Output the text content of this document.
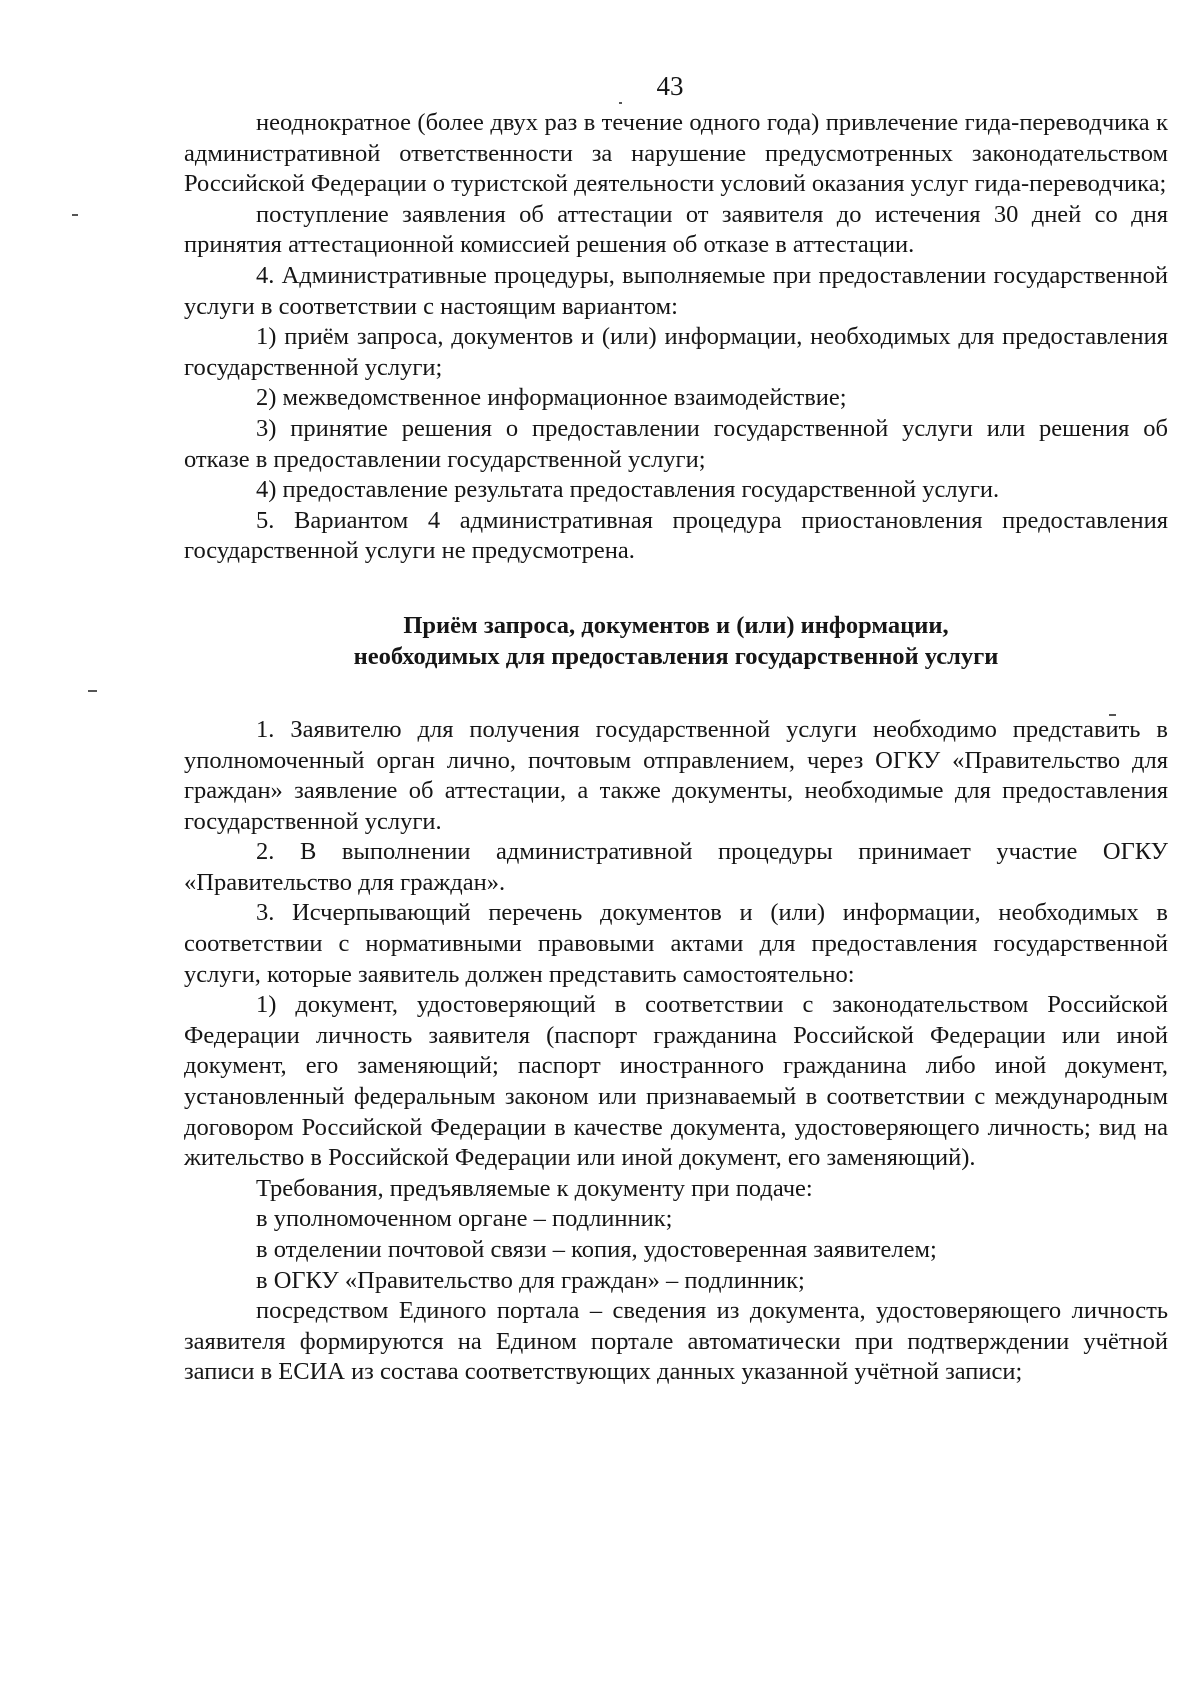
43

неоднократное (более двух раз в течение одного года) привлечение гида-переводчика к административной ответственности за нарушение предусмотренных законодательством Российской Федерации о туристской деятельности условий оказания услуг гида-переводчика;

поступление заявления об аттестации от заявителя до истечения 30 дней со дня принятия аттестационной комиссией решения об отказе в аттестации.

4. Административные процедуры, выполняемые при предоставлении государственной услуги в соответствии с настоящим вариантом:

1) приём запроса, документов и (или) информации, необходимых для предоставления государственной услуги;

2) межведомственное информационное взаимодействие;

3) принятие решения о предоставлении государственной услуги или решения об отказе в предоставлении государственной услуги;

4) предоставление результата предоставления государственной услуги.

5. Вариантом 4 административная процедура приостановления предоставления государственной услуги не предусмотрена.

Приём запроса, документов и (или) информации,

необходимых для предоставления государственной услуги

1. Заявителю для получения государственной услуги необходимо представить в уполномоченный орган лично, почтовым отправлением, через ОГКУ «Правительство для граждан» заявление об аттестации, а также документы, необходимые для предоставления государственной услуги.

2. В выполнении административной процедуры принимает участие ОГКУ «Правительство для граждан».

3. Исчерпывающий перечень документов и (или) информации, необходимых в соответствии с нормативными правовыми актами для предоставления государственной услуги, которые заявитель должен представить самостоятельно:

1) документ, удостоверяющий в соответствии с законодательством Российской Федерации личность заявителя (паспорт гражданина Российской Федерации или иной документ, его заменяющий; паспорт иностранного гражданина либо иной документ, установленный федеральным законом или признаваемый в соответствии с международным договором Российской Федерации в качестве документа, удостоверяющего личность; вид на жительство в Российской Федерации или иной документ, его заменяющий).

Требования, предъявляемые к документу при подаче:

в уполномоченном органе – подлинник;

в отделении почтовой связи – копия, удостоверенная заявителем;

в ОГКУ «Правительство для граждан» – подлинник;

посредством Единого портала – сведения из документа, удостоверяющего личность заявителя формируются на Едином портале автоматически при подтверждении учётной записи в ЕСИА из состава соответствующих данных указанной учётной записи;
